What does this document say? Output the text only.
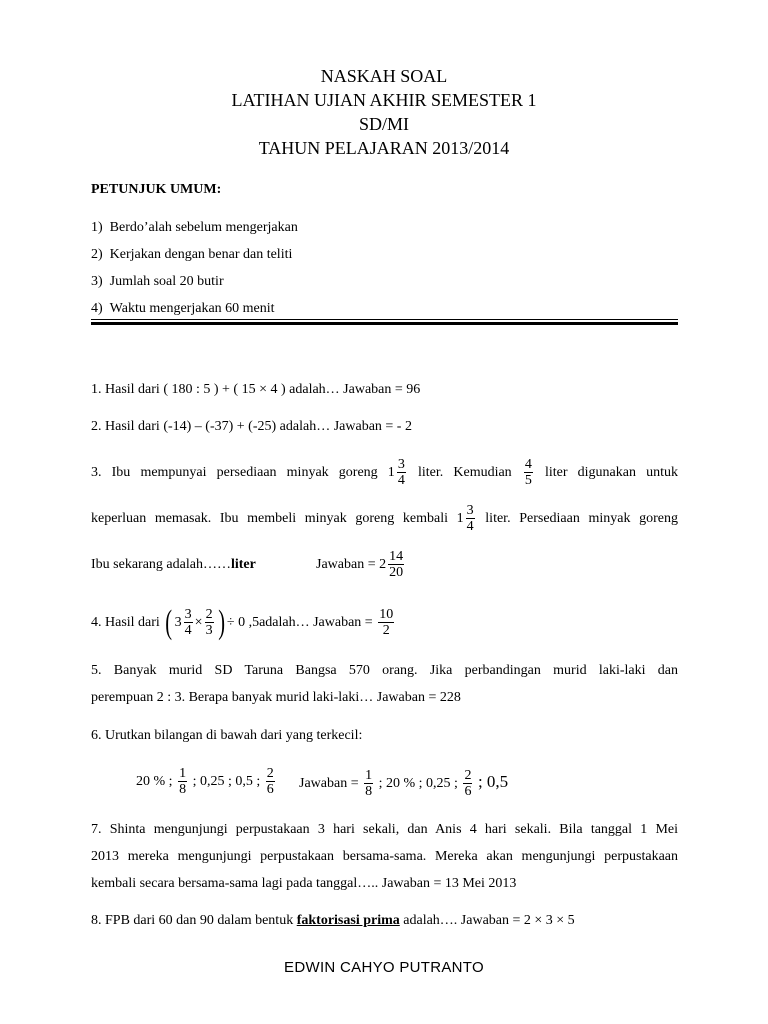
NASKAH SOAL
LATIHAN UJIAN AKHIR SEMESTER 1
SD/MI
TAHUN PELAJARAN 2013/2014
PETUNJUK UMUM:
1) Berdo’alah sebelum mengerjakan
2) Kerjakan dengan benar dan teliti
3) Jumlah soal 20 butir
4) Waktu mengerjakan 60 menit
1. Hasil dari ( 180 : 5 ) + ( 15 × 4 ) adalah… Jawaban = 96
2. Hasil dari (-14) – (-37) + (-25) adalah… Jawaban = - 2
3. Ibu mempunyai persediaan minyak goreng $1 \frac{3}{4}$ liter. Kemudian $\frac{4}{5}$ liter digunakan untuk
keperluan memasak. Ibu membeli minyak goreng kembali $1 \frac{3}{4}$ liter. Persediaan minyak goreng
Ibu sekarang adalah……liter	Jawaban = $2 \frac{14}{20}$
4. Hasil dari ( $3 \frac{3}{4} \times \frac{2}{3}$ ) ÷ 0 ,5adalah… Jawaban = $\frac{10}{2}$
5. Banyak murid SD Taruna Bangsa 570 orang. Jika perbandingan murid laki-laki dan
perempuan 2 : 3. Berapa banyak murid laki-laki… Jawaban = 228
6. Urutkan bilangan di bawah dari yang terkecil:
20 % ; $\frac{1}{8}$ ; 0,25 ; 0,5 ; $\frac{2}{6}$ Jawaban = $\frac{1}{8}$ ; 20 % ; 0,25 ; $\frac{2}{6}$ ; 0,5
7. Shinta mengunjungi perpustakaan 3 hari sekali, dan Anis 4 hari sekali. Bila tanggal 1 Mei
2013 mereka mengunjungi perpustakaan bersama-sama. Mereka akan mengunjungi perpustakaan
kembali secara bersama-sama lagi pada tanggal….. Jawaban = 13 Mei 2013
8. FPB dari 60 dan 90 dalam bentuk faktorisasi prima adalah…. Jawaban = 2 × 3 × 5
EDWIN CAHYO PUTRANTO
